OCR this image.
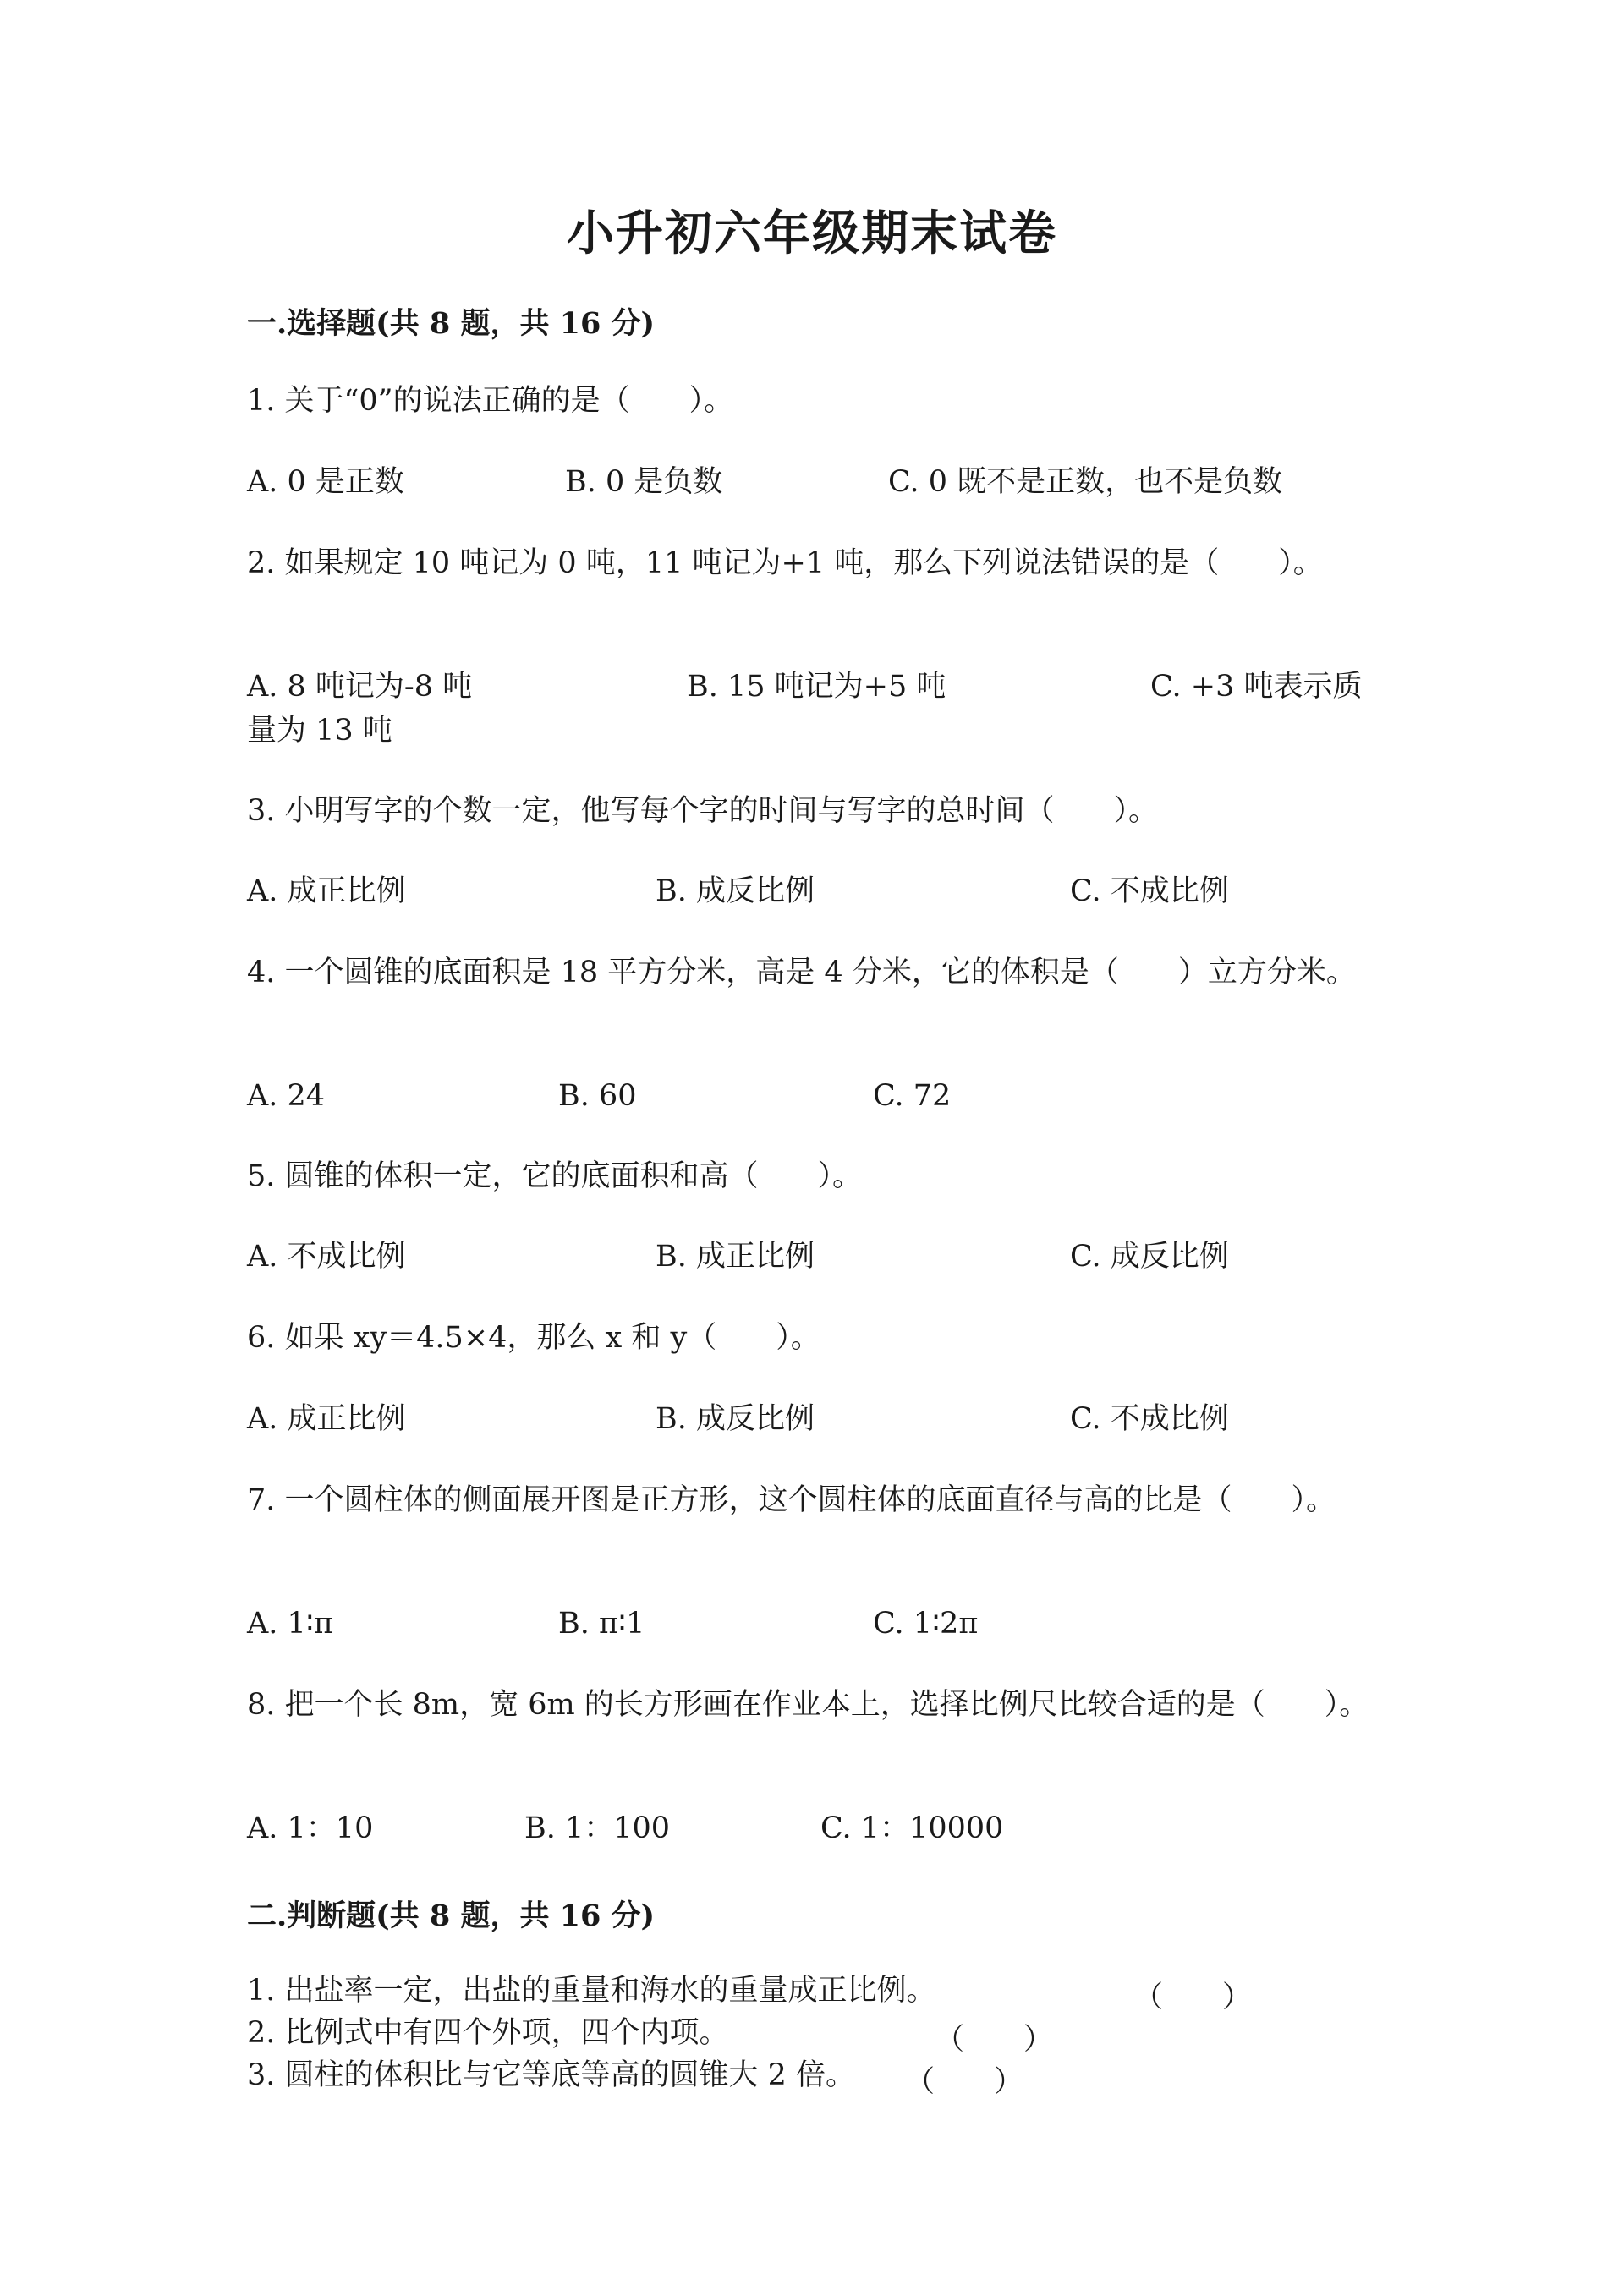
小升初六年级期末试卷
一.选择题(共 8 题，共 16 分)
1. 关于“0”的说法正确的是（　　）。
A. 0 是正数	B. 0 是负数	C. 0 既不是正数，也不是负数
2. 如果规定 10 吨记为 0 吨，11 吨记为+1 吨，那么下列说法错误的是（　　）。
A. 8 吨记为-8 吨	B. 15 吨记为+5 吨	C. +3 吨表示质
量为 13 吨
3. 小明写字的个数一定，他写每个字的时间与写字的总时间（　　）。
A. 成正比例	B. 成反比例	C. 不成比例
4. 一个圆锥的底面积是 18 平方分米，高是 4 分米，它的体积是（　　）立方分米。
A. 24	B. 60	C. 72
5. 圆锥的体积一定，它的底面积和高（　　）。
A. 不成比例	B. 成正比例	C. 成反比例
6. 如果 xy＝4.5×4，那么 x 和 y（　　）。
A. 成正比例	B. 成反比例	C. 不成比例
7. 一个圆柱体的侧面展开图是正方形，这个圆柱体的底面直径与高的比是（　　）。
A. 1∶π	B. π∶1	C. 1∶2π
8. 把一个长 8m，宽 6m 的长方形画在作业本上，选择比例尺比较合适的是（　　）。
A. 1：10	B. 1：100	C. 1：10000
二.判断题(共 8 题，共 16 分)
1. 出盐率一定，出盐的重量和海水的重量成正比例。	（　　）
2. 比例式中有四个外项，四个内项。	（　　）
3. 圆柱的体积比与它等底等高的圆锥大 2 倍。 （　　）
